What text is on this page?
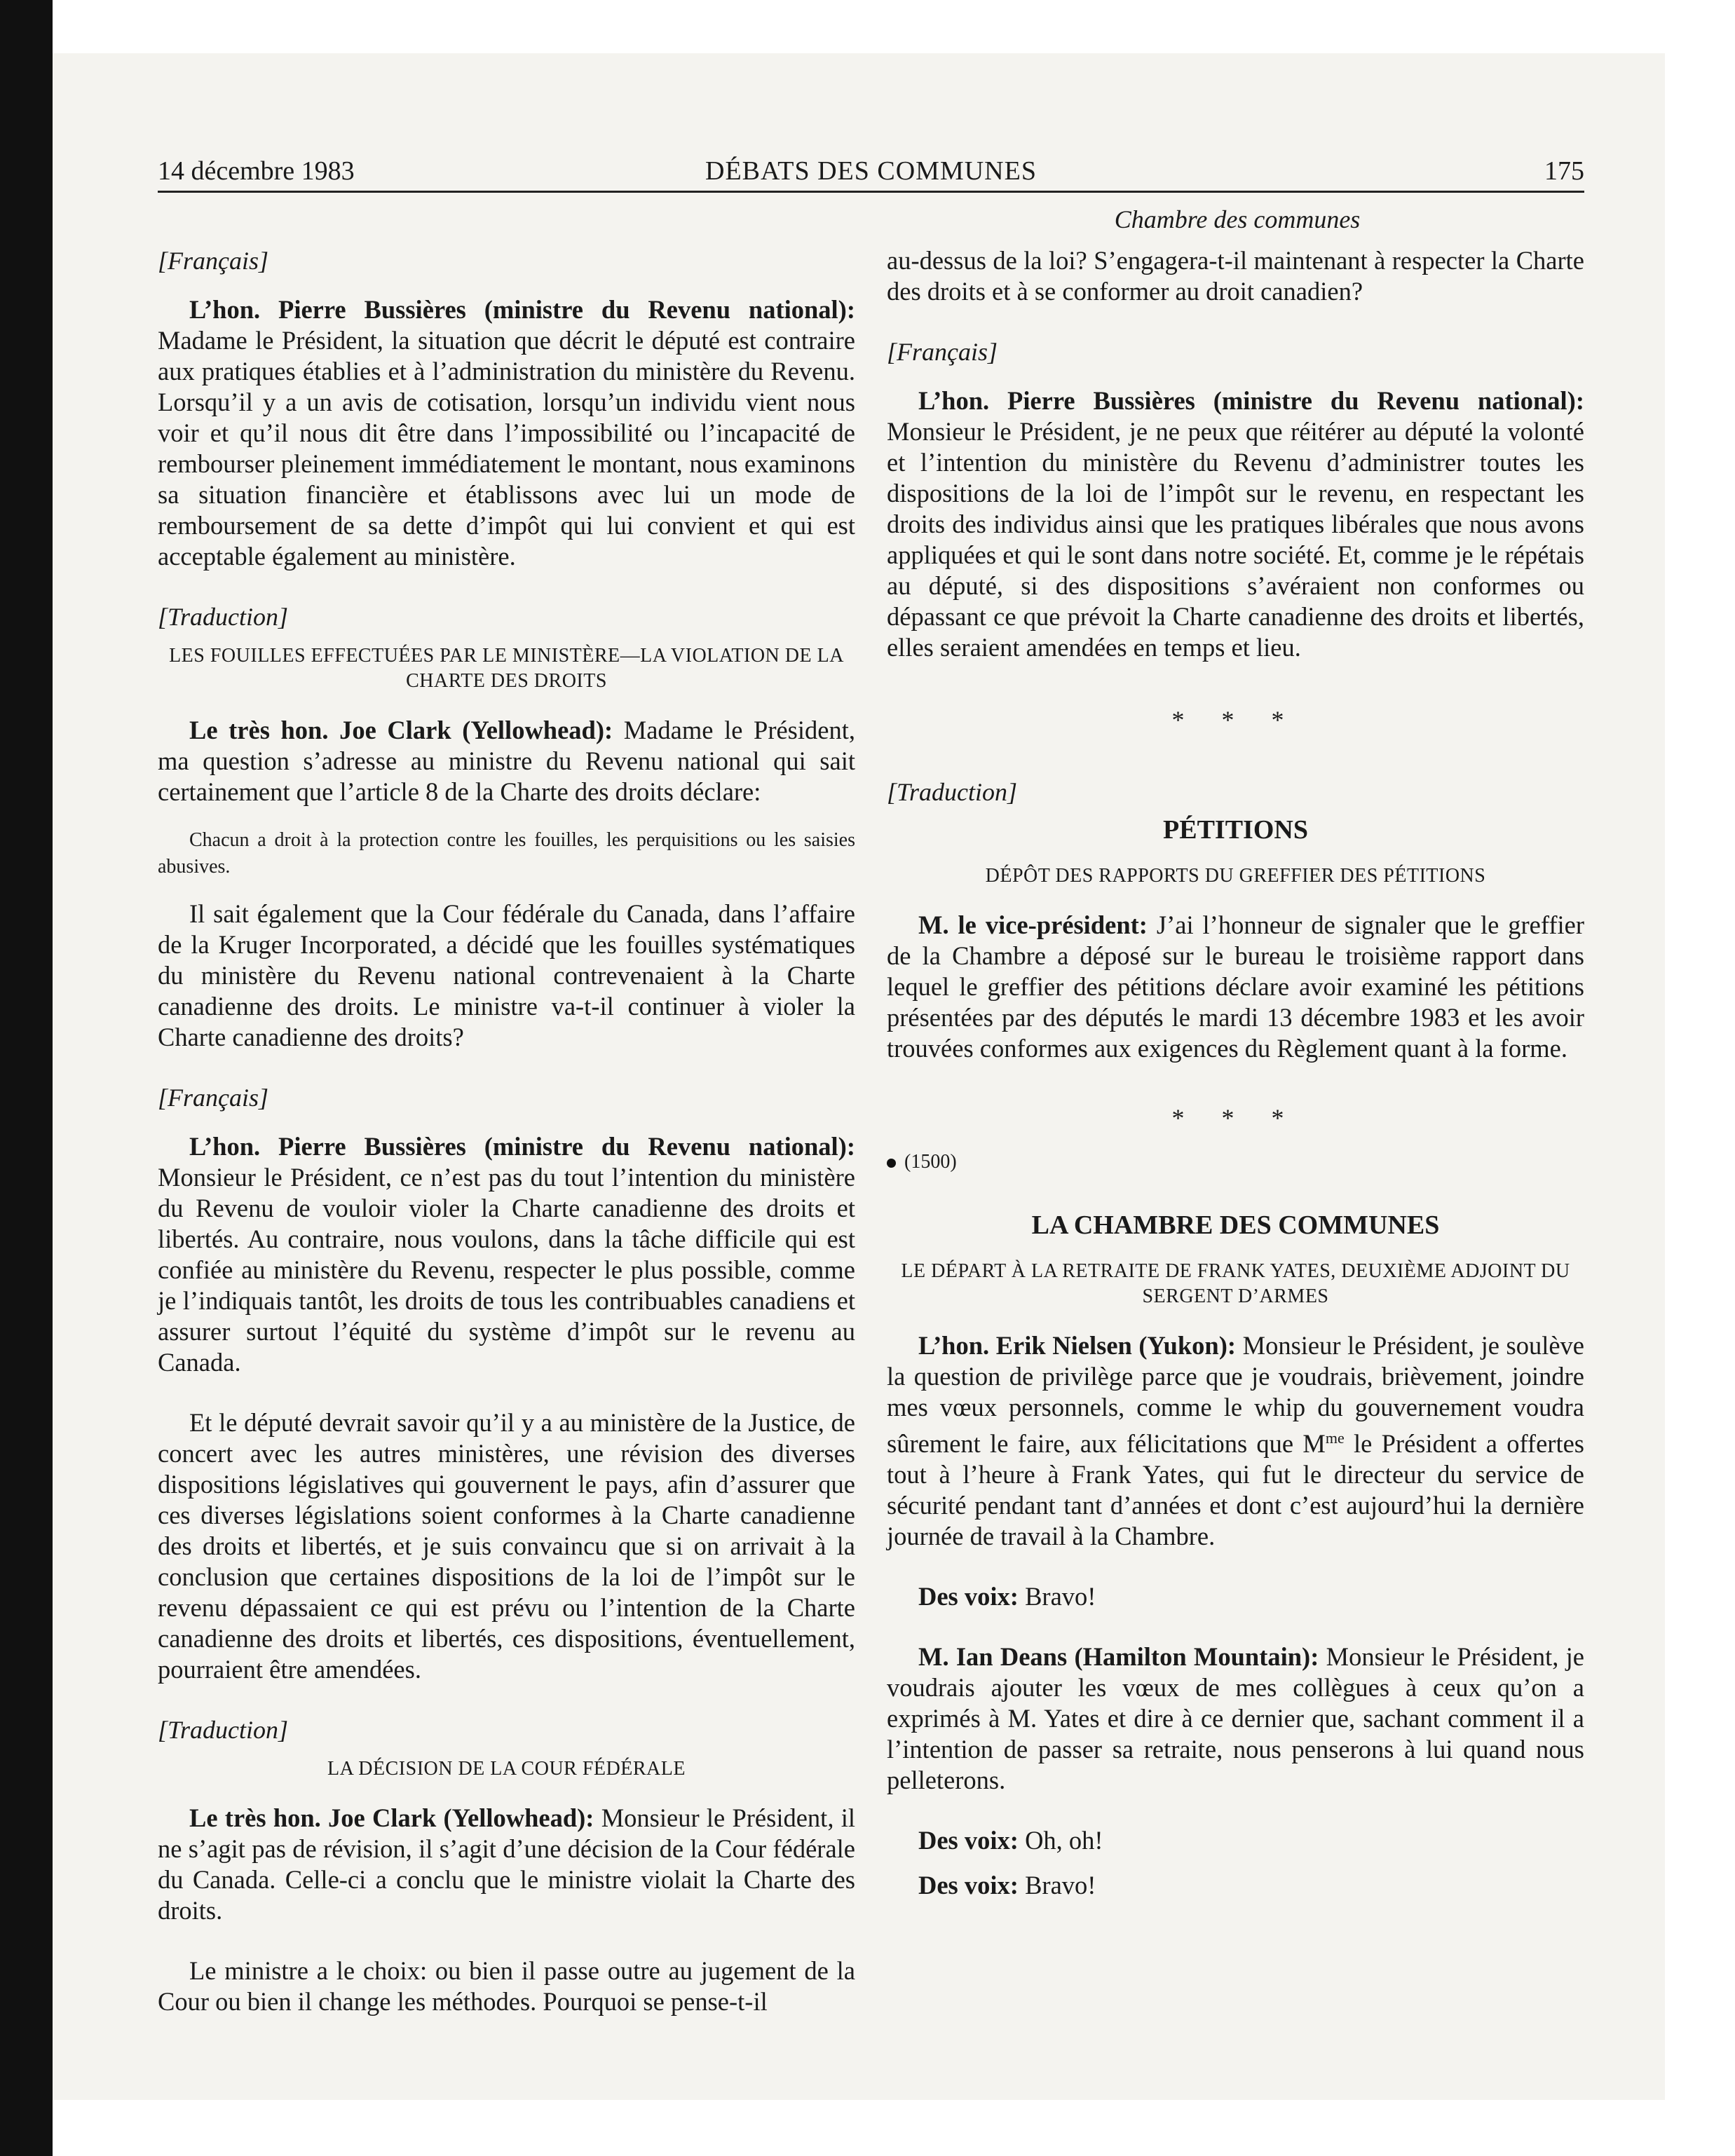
14 décembre 1983	DÉBATS DES COMMUNES	175
Chambre des communes
[Français]

L’hon. Pierre Bussières (ministre du Revenu national): Madame le Président, la situation que décrit le député est contraire aux pratiques établies et à l’administration du ministère du Revenu. Lorsqu’il y a un avis de cotisation, lorsqu’un individu vient nous voir et qu’il nous dit être dans l’impossibilité ou l’incapacité de rembourser pleinement immédiatement le montant, nous examinons sa situation financière et établissons avec lui un mode de remboursement de sa dette d’impôt qui lui convient et qui est acceptable également au ministère.

[Traduction]
LES FOUILLES EFFECTUÉES PAR LE MINISTÈRE—LA VIOLATION DE LA CHARTE DES DROITS

Le très hon. Joe Clark (Yellowhead): Madame le Président, ma question s’adresse au ministre du Revenu national qui sait certainement que l’article 8 de la Charte des droits déclare:

Chacun a droit à la protection contre les fouilles, les perquisitions ou les saisies abusives.

Il sait également que la Cour fédérale du Canada, dans l’affaire de la Kruger Incorporated, a décidé que les fouilles systématiques du ministère du Revenu national contrevenaient à la Charte canadienne des droits. Le ministre va-t-il continuer à violer la Charte canadienne des droits?

[Français]

L’hon. Pierre Bussières (ministre du Revenu national): Monsieur le Président, ce n’est pas du tout l’intention du ministère du Revenu de vouloir violer la Charte canadienne des droits et libertés. Au contraire, nous voulons, dans la tâche difficile qui est confiée au ministère du Revenu, respecter le plus possible, comme je l’indiquais tantôt, les droits de tous les contribuables canadiens et assurer surtout l’équité du système d’impôt sur le revenu au Canada.

Et le député devrait savoir qu’il y a au ministère de la Justice, de concert avec les autres ministères, une révision des diverses dispositions législatives qui gouvernent le pays, afin d’assurer que ces diverses législations soient conformes à la Charte canadienne des droits et libertés, et je suis convaincu que si on arrivait à la conclusion que certaines dispositions de la loi de l’impôt sur le revenu dépassaient ce qui est prévu ou l’intention de la Charte canadienne des droits et libertés, ces dispositions, éventuellement, pourraient être amendées.

[Traduction]
LA DÉCISION DE LA COUR FÉDÉRALE

Le très hon. Joe Clark (Yellowhead): Monsieur le Président, il ne s’agit pas de révision, il s’agit d’une décision de la Cour fédérale du Canada. Celle-ci a conclu que le ministre violait la Charte des droits.

Le ministre a le choix: ou bien il passe outre au jugement de la Cour ou bien il change les méthodes. Pourquoi se pense-t-il

au-dessus de la loi? S’engagera-t-il maintenant à respecter la Charte des droits et à se conformer au droit canadien?

[Français]

L’hon. Pierre Bussières (ministre du Revenu national): Monsieur le Président, je ne peux que réitérer au député la volonté et l’intention du ministère du Revenu d’administrer toutes les dispositions de la loi de l’impôt sur le revenu, en respectant les droits des individus ainsi que les pratiques libérales que nous avons appliquées et qui le sont dans notre société. Et, comme je le répétais au député, si des dispositions s’avéraient non conformes ou dépassant ce que prévoit la Charte canadienne des droits et libertés, elles seraient amendées en temps et lieu.

* * *
[Traduction]
PÉTITIONS
DÉPÔT DES RAPPORTS DU GREFFIER DES PÉTITIONS

M. le vice-président: J’ai l’honneur de signaler que le greffier de la Chambre a déposé sur le bureau le troisième rapport dans lequel le greffier des pétitions déclare avoir examiné les pétitions présentées par des députés le mardi 13 décembre 1983 et les avoir trouvées conformes aux exigences du Règlement quant à la forme.

* * *
(1500)
LA CHAMBRE DES COMMUNES
LE DÉPART À LA RETRAITE DE FRANK YATES, DEUXIÈME ADJOINT DU SERGENT D’ARMES

L’hon. Erik Nielsen (Yukon): Monsieur le Président, je soulève la question de privilège parce que je voudrais, brièvement, joindre mes vœux personnels, comme le whip du gouvernement voudra sûrement le faire, aux félicitations que $M^{me}$ le Président a offertes tout à l’heure à Frank Yates, qui fut le directeur du service de sécurité pendant tant d’années et dont c’est aujourd’hui la dernière journée de travail à la Chambre.

Des voix: Bravo!

M. Ian Deans (Hamilton Mountain): Monsieur le Président, je voudrais ajouter les vœux de mes collègues à ceux qu’on a exprimés à M. Yates et dire à ce dernier que, sachant comment il a l’intention de passer sa retraite, nous penserons à lui quand nous pelleterons.

Des voix: Oh, oh!

Des voix: Bravo!
